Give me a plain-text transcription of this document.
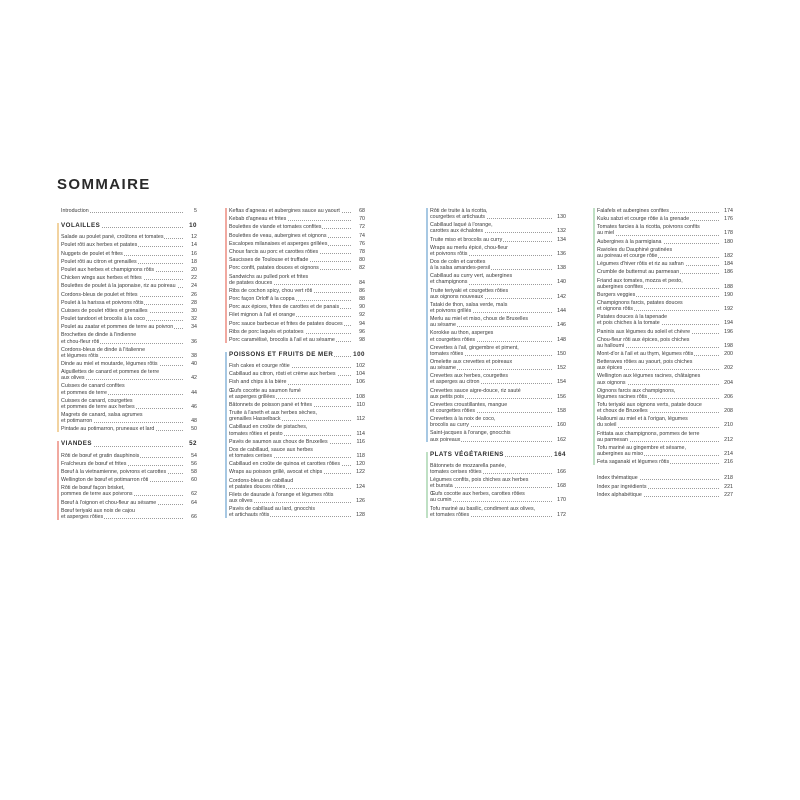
SOMMAIRE
Introduction	5
VOLAILLES	10
Salade au poulet pané, croûtons et tomates	12
Poulet rôti aux herbes et patates	14
Nuggets de poulet et frites	16
Poulet rôti au citron et grenailles	18
Poulet aux herbes et champignons rôtis	20
Chicken wings aux herbes et frites	22
Boulettes de poulet à la japonaise, riz au poireau	24
Cordons-bleus de poulet et frites	26
Poulet à la harissa et poivrons rôtis	28
Cuisses de poulet rôties et grenailles	30
Poulet tandoori et brocolis à la coco	32
Poulet au zaatar et pommes de terre au poivron	34
Brochettes de dinde à l'indienne
et chou-fleur rôti	36
Cordons-bleus de dinde à l'italienne
et légumes rôtis	38
Dinde au miel et moutarde, légumes rôtis	40
Aiguillettes de canard et pommes de terre
aux olives	42
Cuisses de canard confites
et pommes de terre	44
Cuisses de canard, courgettes
et pommes de terre aux herbes	46
Magrets de canard, salsa agrumes
et potimarron	48
Pintade au potimarron, pruneaux et lard	50
VIANDES	52
Rôti de bœuf et gratin dauphinois	54
Fraîcheurs de bœuf et frites	56
Bœuf à la vietnamienne, poivrons et carottes	58
Wellington de bœuf et potimarron rôti	60
Rôti de bœuf façon brisket,
pommes de terre aux poivrons	62
Bœuf à l'oignon et chou-fleur au sésame	64
Bœuf teriyaki aux noix de cajou
et asperges rôties	66
Keftas d'agneau et aubergines sauce au yaourt	68
Kebab d'agneau et frites	70
Boulettes de viande et tomates confites	72
Boulettes de veau, aubergines et oignons	74
Escalopes milanaises et asperges grillées	76
Choux farcis au porc et carottes rôties	78
Saucisses de Toulouse et truffade	80
Porc confit, patates douces et oignons	82
Sandwichs au pulled pork et frites
de patates douces	84
Ribs de cochon spicy, chou vert rôti	86
Porc façon Orloff à la coppa	88
Porc aux épices, frites de carottes et de panais	90
Filet mignon à l'ail et orange	92
Porc sauce barbecue et frites de patates douces	94
Ribs de porc laqués et potatoes	96
Porc caramélisé, brocolis à l'ail et au sésame	98
POISSONS ET FRUITS DE MER	100
Fish cakes et courge rôtie	102
Cabillaud au citron, rösti et crème aux herbes	104
Fish and chips à la bière	106
Œufs cocotte au saumon fumé
et asperges grillées	108
Bâtonnets de poisson pané et frites	110
Truite à l'aneth et aux herbes sèches,
grenailles Hasselback	112
Cabillaud en croûte de pistaches,
tomates rôties et pesto	114
Pavés de saumon aux choux de Bruxelles	116
Dos de cabillaud, sauce aux herbes
et tomates cerises	118
Cabillaud en croûte de quinoa et carottes rôties	120
Wraps au poisson grillé, avocat et chips	122
Cordons-bleus de cabillaud
et patates douces rôties	124
Filets de daurade à l'orange et légumes rôtis
aux olives	126
Pavés de cabillaud au lard, gnocchis
et artichauts rôtis	128
Rôti de truite à la ricotta,
courgettes et artichauts	130
Cabillaud laqué à l'orange,
carottes aux échalotes	132
Truite miso et brocolis au curry	134
Wraps au merlu épicé, chou-fleur
et poivrons rôtis	136
Dos de colin et carottes
à la salsa amandes-persil	138
Cabillaud au curry vert, aubergines
et champignons	140
Truite teriyaki et courgettes rôties
aux oignons nouveaux	142
Tataki de thon, salsa verde, maïs
et poivrons grillés	144
Merlu au miel et miso, choux de Bruxelles
au sésame	146
Korokke au thon, asperges
et courgettes rôties	148
Crevettes à l'ail, gingembre et piment,
tomates rôties	150
Omelette aux crevettes et poireaux
au sésame	152
Crevettes aux herbes, courgettes
et asperges au citron	154
Crevettes sauce aigre-douce, riz sauté
aux petits pois	156
Crevettes croustillantes, mangue
et courgettes rôties	158
Crevettes à la noix de coco,
brocolis au curry	160
Saint-jacques à l'orange, gnocchis
aux poireaux	162
PLATS VÉGÉTARIENS	164
Bâtonnets de mozzarella panée,
tomates cerises rôties	166
Légumes confits, pois chiches aux herbes
et burrata	168
Œufs cocotte aux herbes, carottes rôties
au cumin	170
Tofu mariné au basilic, condiment aux olives,
et tomates rôties	172
Falafels et aubergines confites	174
Kuku sabzi et courge rôtie à la grenade	176
Tomates farcies à la ricotta, poivrons confits
au miel	178
Aubergines à la parmigiana	180
Ravioles du Dauphiné gratinées
au poireau et courge rôtie	182
Légumes d'hiver rôtis et riz au safran	184
Crumble de butternut au parmesan	186
Friand aux tomates, mozza et pesto,
aubergines confites	188
Burgers veggies	190
Champignons farcis, patates douces
et oignons rôtis	192
Patates douces à la tapenade
et pois chiches à la tomate	194
Paninis aux légumes du soleil et chèvre	196
Chou-fleur rôti aux épices, pois chiches
au halloumi	198
Mont-d'or à l'ail et au thym, légumes rôtis	200
Betteraves rôties au yaourt, pois chiches
aux épices	202
Wellington aux légumes racines, châtaignes
aux oignons	204
Oignons farcis aux champignons,
légumes racines rôtis	206
Tofu teriyaki aux oignons verts, patate douce
et choux de Bruxelles	208
Halloumi au miel et à l'origan, légumes
du soleil	210
Frittata aux champignons, pommes de terre
au parmesan	212
Tofu mariné au gingembre et sésame,
aubergines au miso	214
Feta saganaki et légumes rôtis	216
Index thématique	218
Index par ingrédients	221
Index alphabétique	227
